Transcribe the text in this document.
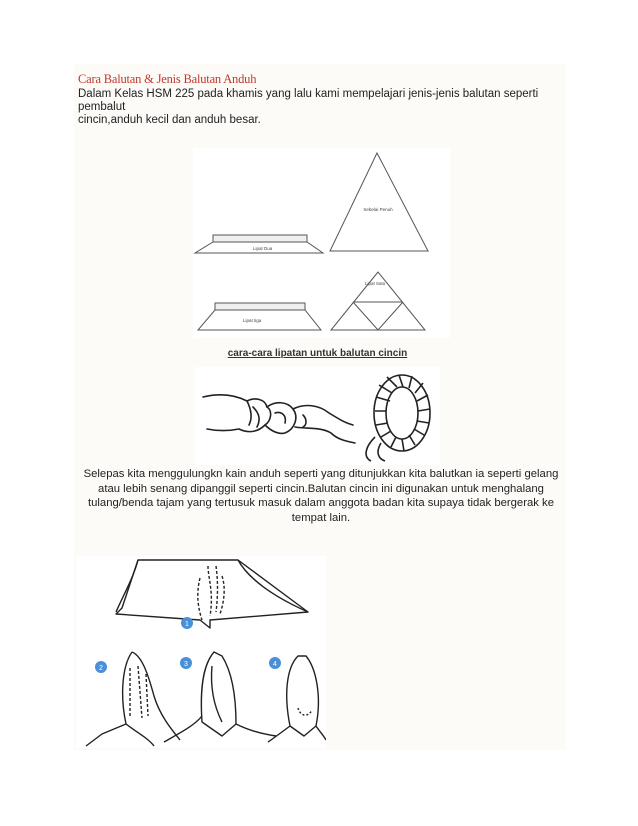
Cara Balutan & Jenis Balutan Anduh
Dalam Kelas HSM 225 pada khamis yang lalu kami mempelajari jenis-jenis balutan seperti
pembalut
cincin,anduh kecil dan anduh besar.
Sebelai Penuh
Lipat Dua
Lipat Satu
Lipat tiga
cara-cara lipatan untuk balutan cincin
Selepas kita menggulungkn kain anduh seperti yang ditunjukkan kita balutkan ia seperti gelang atau lebih senang dipanggil seperti cincin.Balutan cincin ini digunakan untuk menghalang tulang/benda tajam yang tertusuk masuk dalam anggota badan kita supaya tidak bergerak ke tempat lain.
1
2
3	4
